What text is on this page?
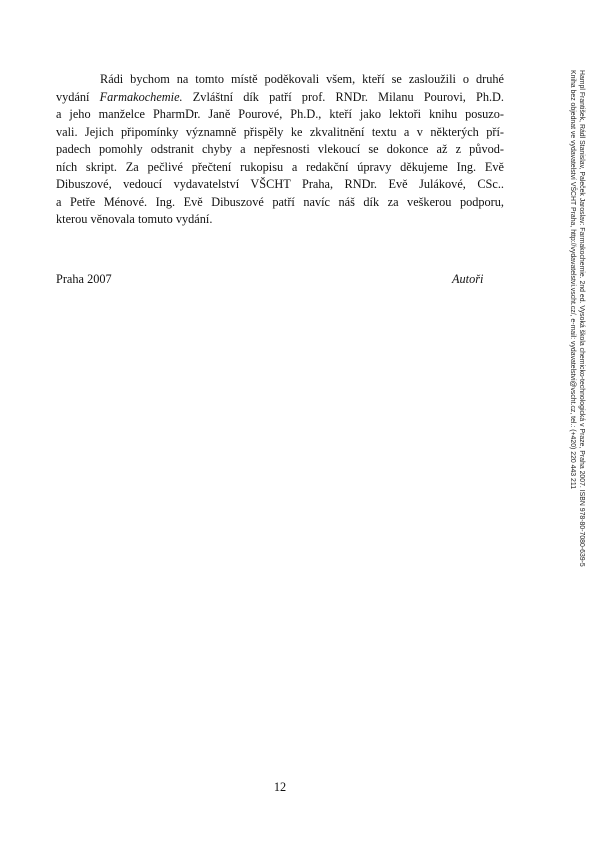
Rádi bychom na tomto místě poděkovali všem, kteří se zasloužili o druhé
vydání Farmakochemie. Zvláštní dík patří prof. RNDr. Milanu Pourovi, Ph.D.
a jeho manželce PharmDr. Janě Pourové, Ph.D., kteří jako lektoři knihu posuzo-
vali. Jejich připomínky významně přispěly ke zkvalitnění textu a v některých pří-
padech pomohly odstranit chyby a nepřesnosti vlekoucí se dokonce až z původ-
ních skript. Za pečlivé přečtení rukopisu a redakční úpravy děkujeme Ing. Evě
Dibuszové, vedoucí vydavatelství VŠCHT Praha, RNDr. Evě Julákové, CSc..
a Petře Ménové. Ing. Evě Dibuszové patří navíc náš dík za veškerou podporu,
kterou věnovala tomuto vydání.
Praha 2007	Autoři
12
Hampl František, Rádl Stanislav, Paleček Jaroslav: Farmakochemie. 2nd ed. Vysoká škola chemicko-technologická v Praze, Praha 2007. ISBN 978-80-7080-639-5
Kniha bez objednat ve vydavatelství VŠCHT Praha, http://vydavatelstvi.vscht.cz/, e-mail: vydavatelstvi@vscht.cz, tel.: (+420) 220 443 211
